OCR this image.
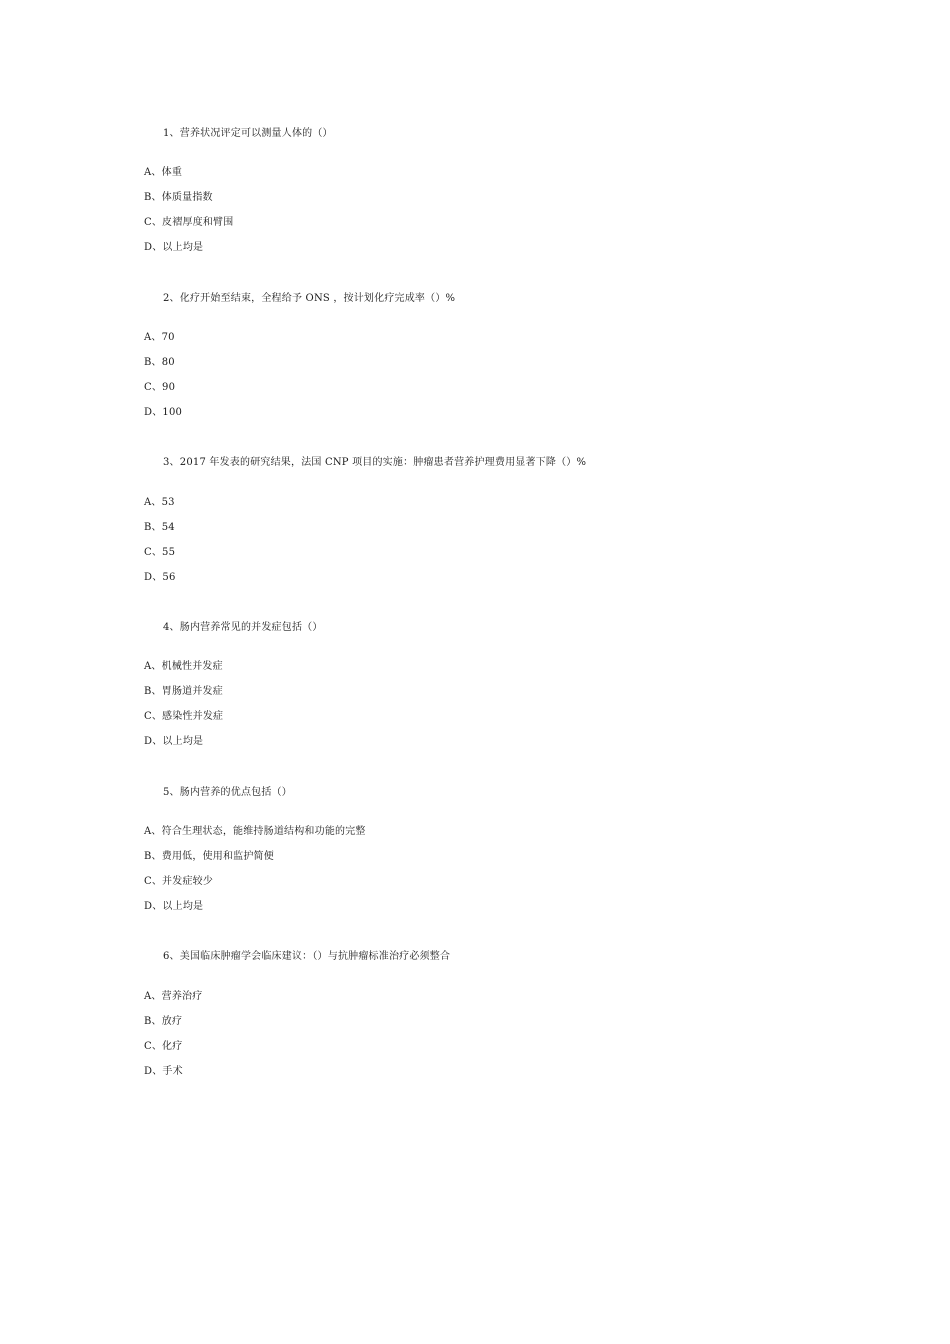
1、营养状况评定可以测量人体的（）
A、体重
B、体质量指数
C、皮褶厚度和臂围
D、以上均是
2、化疗开始至结束，全程给予 ONS ，按计划化疗完成率（）%
A、70
B、80
C、90
D、100
3、2017 年发表的研究结果，法国 CNP 项目的实施：肿瘤患者营养护理费用显著下降（）%
A、53
B、54
C、55
D、56
4、肠内营养常见的并发症包括（）
A、机械性并发症
B、胃肠道并发症
C、感染性并发症
D、以上均是
5、肠内营养的优点包括（）
A、符合生理状态，能维持肠道结构和功能的完整
B、费用低，使用和监护简便
C、并发症较少
D、以上均是
6、美国临床肿瘤学会临床建议：（）与抗肿瘤标准治疗必须整合
A、营养治疗
B、放疗
C、化疗
D、手术
